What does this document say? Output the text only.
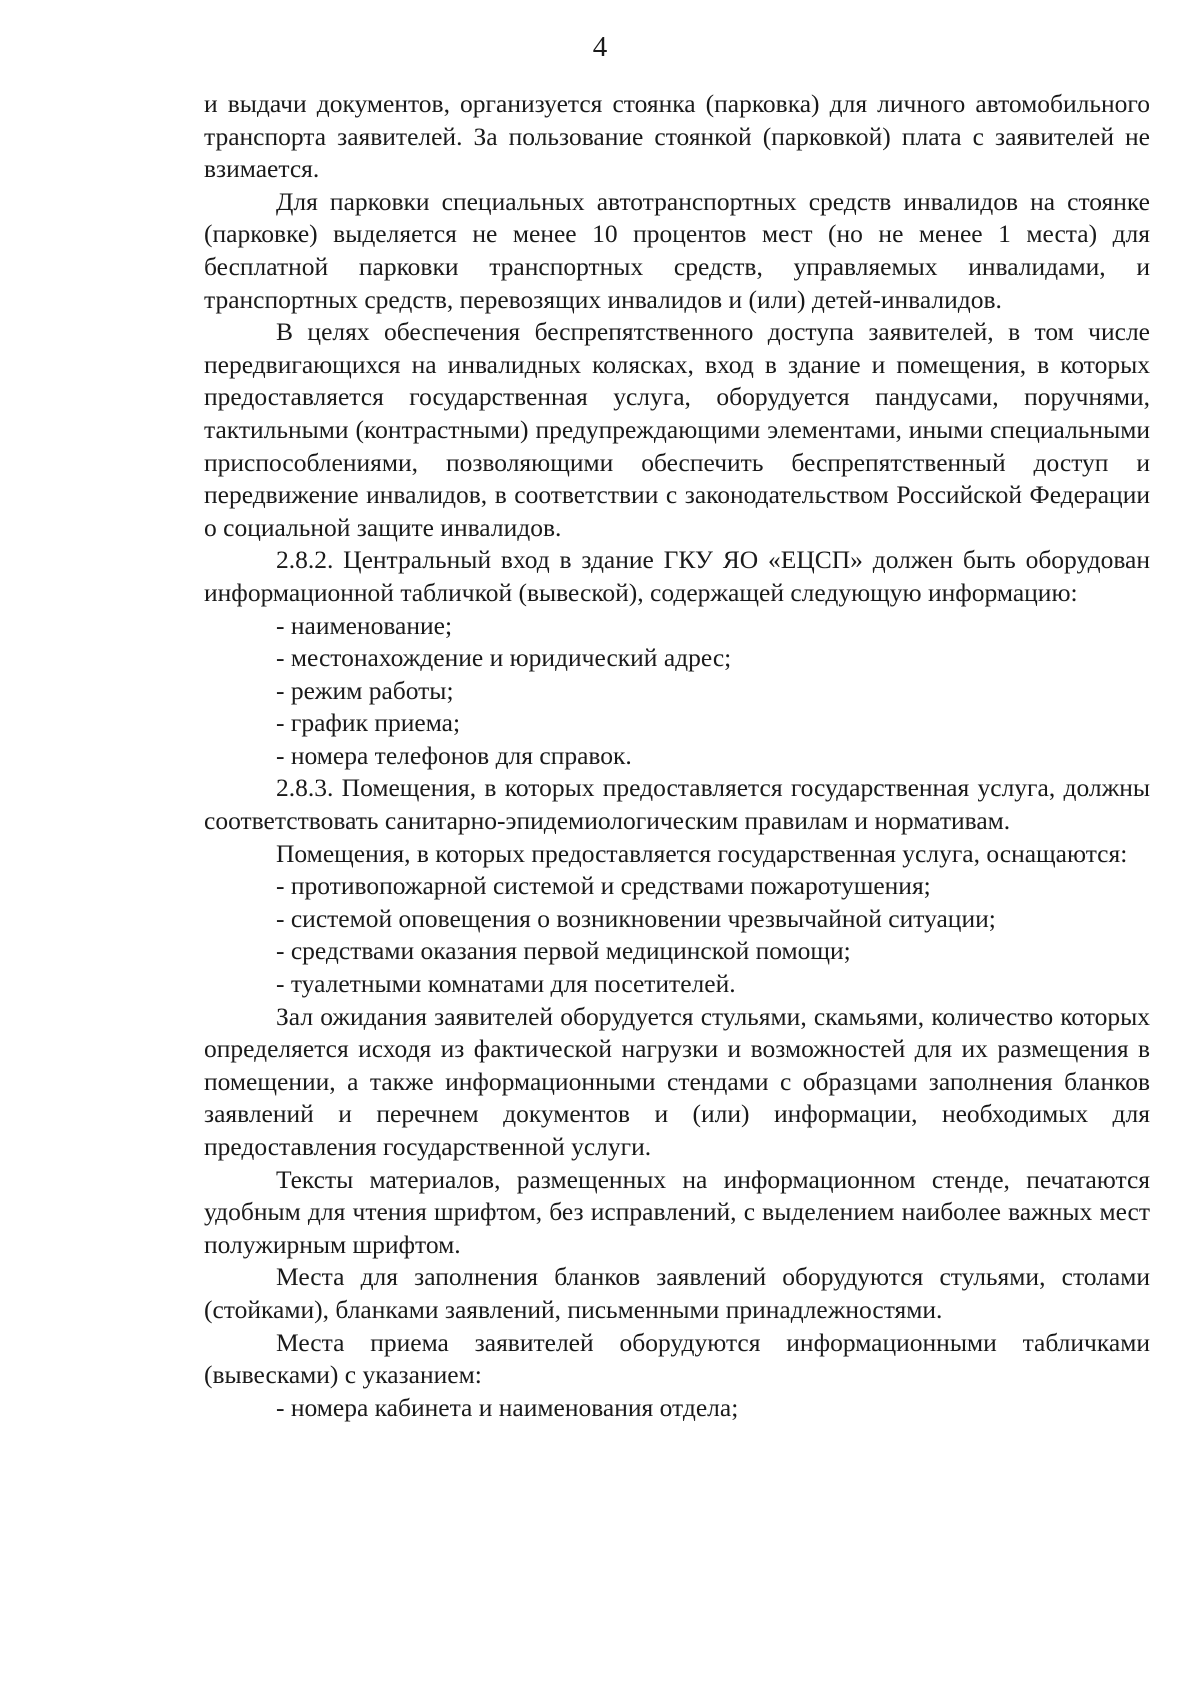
4

и выдачи документов, организуется стоянка (парковка) для личного автомобильного транспорта заявителей. За пользование стоянкой (парковкой) плата с заявителей не взимается.

Для парковки специальных автотранспортных средств инвалидов на стоянке (парковке) выделяется не менее 10 процентов мест (но не менее 1 места) для бесплатной парковки транспортных средств, управляемых инвалидами, и транспортных средств, перевозящих инвалидов и (или) детей-инвалидов.

В целях обеспечения беспрепятственного доступа заявителей, в том числе передвигающихся на инвалидных колясках, вход в здание и помещения, в которых предоставляется государственная услуга, оборудуется пандусами, поручнями, тактильными (контрастными) предупреждающими элементами, иными специальными приспособлениями, позволяющими обеспечить беспрепятственный доступ и передвижение инвалидов, в соответствии с законодательством Российской Федерации о социальной защите инвалидов.

2.8.2. Центральный вход в здание ГКУ ЯО «ЕЦСП» должен быть оборудован информационной табличкой (вывеской), содержащей следующую информацию:

- наименование;

- местонахождение и юридический адрес;

- режим работы;

- график приема;

- номера телефонов для справок.

2.8.3. Помещения, в которых предоставляется государственная услуга, должны соответствовать санитарно-эпидемиологическим правилам и нормативам.

Помещения, в которых предоставляется государственная услуга, оснащаются:

- противопожарной системой и средствами пожаротушения;

- системой оповещения о возникновении чрезвычайной ситуации;

- средствами оказания первой медицинской помощи;

- туалетными комнатами для посетителей.

Зал ожидания заявителей оборудуется стульями, скамьями, количество которых определяется исходя из фактической нагрузки и возможностей для их размещения в помещении, а также информационными стендами с образцами заполнения бланков заявлений и перечнем документов и (или) информации, необходимых для предоставления государственной услуги.

Тексты материалов, размещенных на информационном стенде, печатаются удобным для чтения шрифтом, без исправлений, с выделением наиболее важных мест полужирным шрифтом.

Места для заполнения бланков заявлений оборудуются стульями, столами (стойками), бланками заявлений, письменными принадлежностями.

Места приема заявителей оборудуются информационными табличками (вывесками) с указанием:

- номера кабинета и наименования отдела;
